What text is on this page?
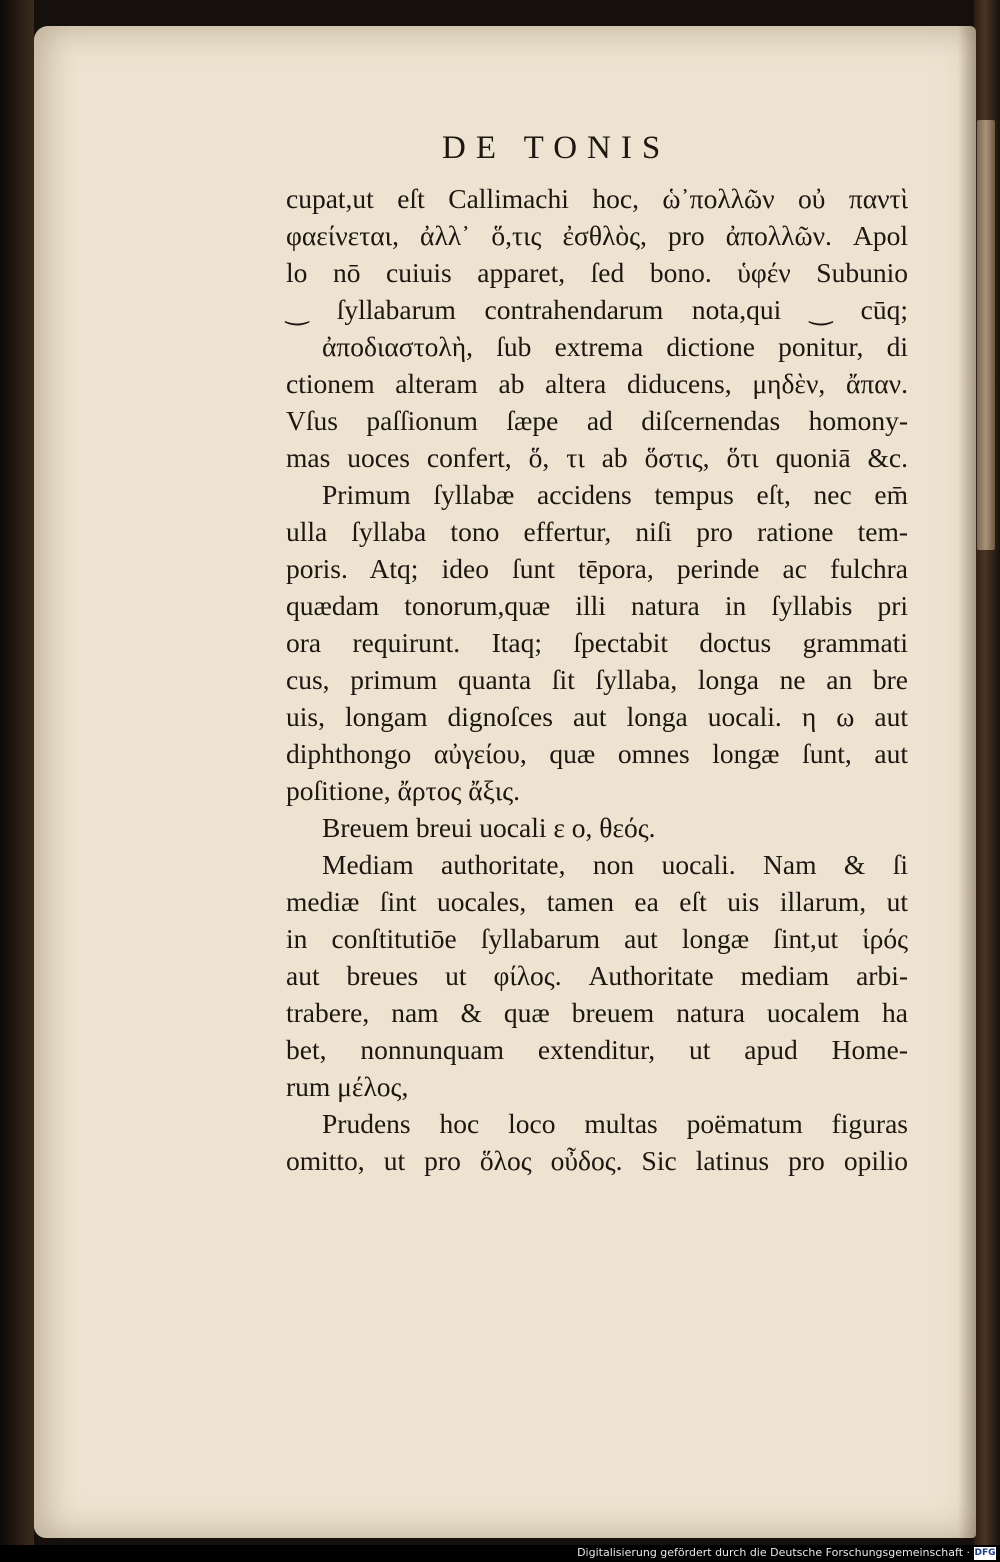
DE TONIS
cupat,ut eſt Callimachi hoc, ὡ᾽πολλῶν οὐ παντὶ
φαείνεται, ἀλλ᾽ ὅ,τις ἐσθλὸς, pro ἀπολλῶν. Apol
lo nō cuiuis apparet, ſed bono. ὑφέν Subunio
‿ ſyllabarum contrahendarum nota,qui ‿ cūq;
ἀποδιαστολὴ, ſub extrema dictione ponitur, di
ctionem alteram ab altera diducens, μηδὲν, ἄπαν.
Vſus paſſionum ſæpe ad diſcernendas homony-
mas uoces confert, ὅ, τι ab ὅστις, ὅτι quoniā &c.
Primum ſyllabæ accidens tempus eſt, nec em̄
ulla ſyllaba tono effertur, niſi pro ratione tem-
poris. Atq; ideo ſunt tēpora, perinde ac fulchra
quædam tonorum,quæ illi natura in ſyllabis pri
ora requirunt. Itaq; ſpectabit doctus grammati
cus, primum quanta ſit ſyllaba, longa ne an bre
uis, longam dignoſces aut longa uocali. η ω aut
diphthongo αὐγείου, quæ omnes longæ ſunt, aut
poſitione, ἄρτος ἄξις.
Breuem breui uocali ε ο, θεός.
Mediam authoritate, non uocali. Nam & ſi
mediæ ſint uocales, tamen ea eſt uis illarum, ut
in conſtitutiōe ſyllabarum aut longæ ſint,ut ἱρός
aut breues ut φίλος. Authoritate mediam arbi-
trabere, nam & quæ breuem natura uocalem ha
bet, nonnunquam extenditur, ut apud Home-
rum μέλος,
Prudens hoc loco multas poëmatum figuras
omitto, ut pro ὅλος οὖδος. Sic latinus pro opilio
Digitalisierung gefördert durch die Deutsche Forschungsgemeinschaft · DFG
